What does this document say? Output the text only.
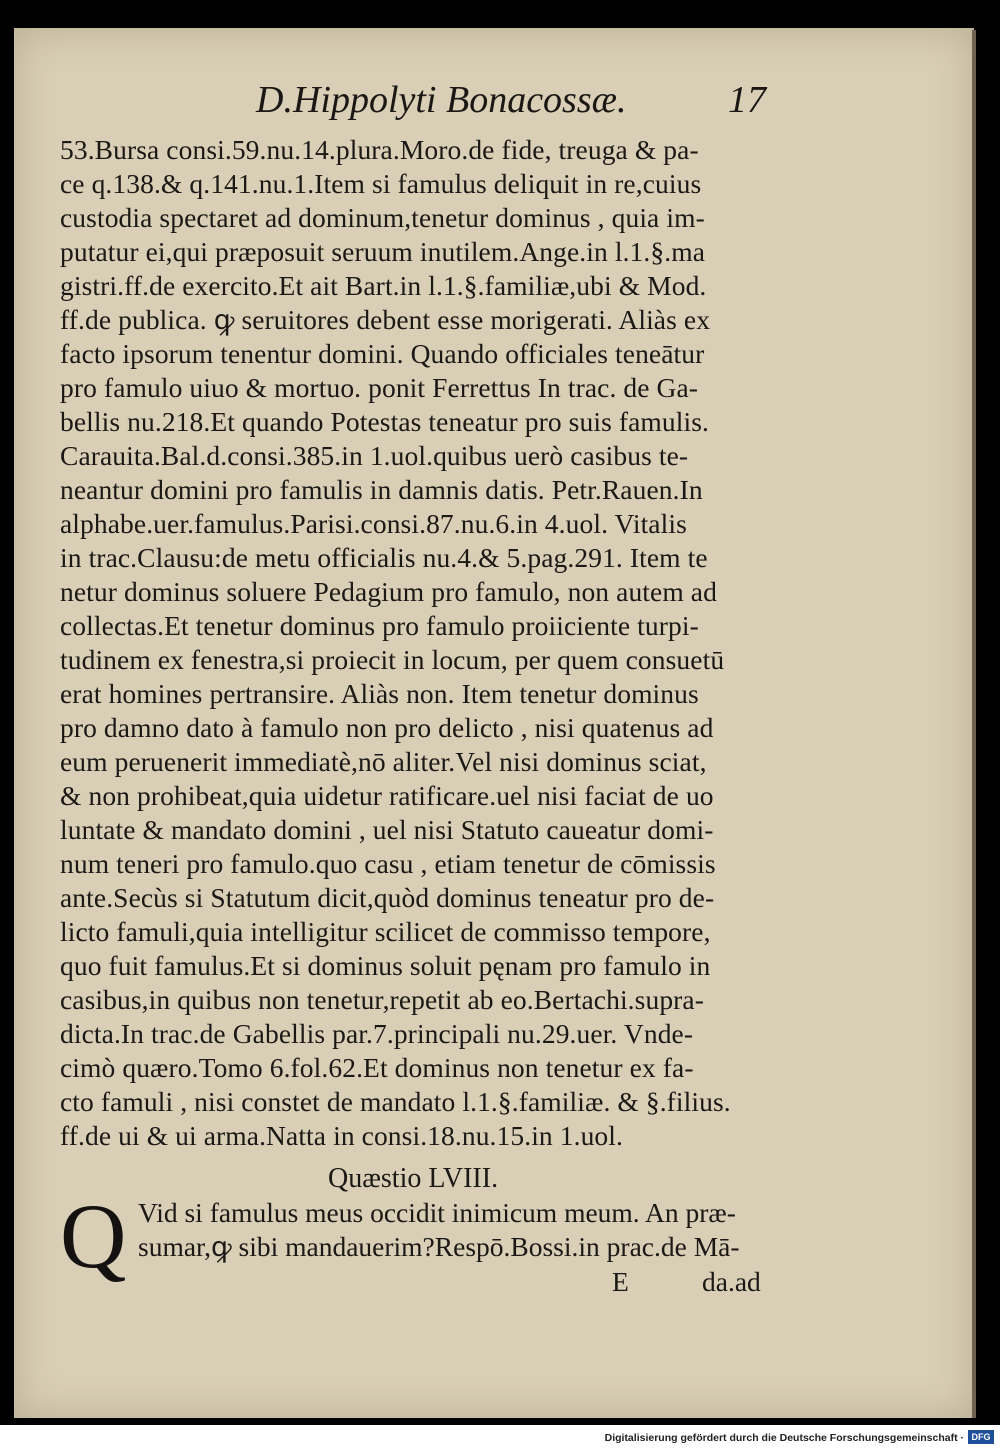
D.Hippolyti Bonacossæ.	17
53.Bursa consi.59.nu.14.plura.Moro.de fide, treuga & pa-
ce q.138.& q.141.nu.1.Item si famulus deliquit in re,cuius
custodia spectaret ad dominum,tenetur dominus , quia im-
putatur ei,qui præposuit seruum inutilem.Ange.in l.1.§.ma
gistri.ff.de exercito.Et ait Bart.in l.1.§.familiæ,ubi & Mod.
ff.de publica. ꝙ seruitores debent esse morigerati. Aliàs ex
facto ipsorum tenentur domini. Quando officiales teneātur
pro famulo uiuo & mortuo. ponit Ferrettus In trac. de Ga-
bellis nu.218.Et quando Potestas teneatur pro suis famulis.
Carauita.Bal.d.consi.385.in 1.uol.quibus uerò casibus te-
neantur domini pro famulis in damnis datis. Petr.Rauen.In
alphabe.uer.famulus.Parisi.consi.87.nu.6.in 4.uol. Vitalis
in trac.Clausu:de metu officialis nu.4.& 5.pag.291. Item te
netur dominus soluere Pedagium pro famulo, non autem ad
collectas.Et tenetur dominus pro famulo proiiciente turpi-
tudinem ex fenestra,si proiecit in locum, per quem consuetū
erat homines pertransire. Aliàs non. Item tenetur dominus
pro damno dato à famulo non pro delicto , nisi quatenus ad
eum peruenerit immediatè,nō aliter.Vel nisi dominus sciat,
& non prohibeat,quia uidetur ratificare.uel nisi faciat de uo
luntate & mandato domini , uel nisi Statuto caueatur domi-
num teneri pro famulo.quo casu , etiam tenetur de cōmissis
ante.Secùs si Statutum dicit,quòd dominus teneatur pro de-
licto famuli,quia intelligitur scilicet de commisso tempore,
quo fuit famulus.Et si dominus soluit pęnam pro famulo in
casibus,in quibus non tenetur,repetit ab eo.Bertachi.supra-
dicta.In trac.de Gabellis par.7.principali nu.29.uer. Vnde-
cimò quæro.Tomo 6.fol.62.Et dominus non tenetur ex fa-
cto famuli , nisi constet de mandato l.1.§.familiæ. & §.filius.
ff.de ui & ui arma.Natta in consi.18.nu.15.in 1.uol.
Quæstio LVIII.
Q Vid si famulus meus occidit inimicum meum. An præ-
sumar,ꝙ sibi mandauerim?Respō.Bossi.in prac.de Mā-
E	da.ad
Digitalisierung gefördert durch die Deutsche Forschungsgemeinschaft · DFG
